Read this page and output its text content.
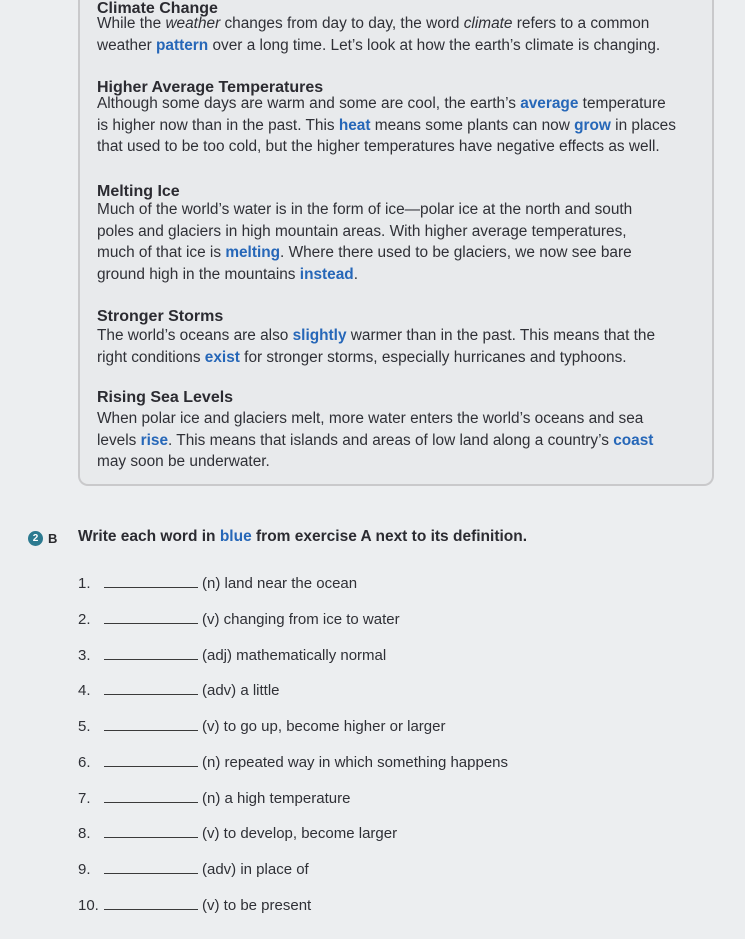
Climate Change
While the weather changes from day to day, the word climate refers to a common
weather pattern over a long time. Let’s look at how the earth’s climate is changing.
Higher Average Temperatures
Although some days are warm and some are cool, the earth’s average temperature
is higher now than in the past. This heat means some plants can now grow in places
that used to be too cold, but the higher temperatures have negative effects as well.
Melting Ice
Much of the world’s water is in the form of ice—polar ice at the north and south
poles and glaciers in high mountain areas. With higher average temperatures,
much of that ice is melting. Where there used to be glaciers, we now see bare
ground high in the mountains instead.
Stronger Storms
The world’s oceans are also slightly warmer than in the past. This means that the
right conditions exist for stronger storms, especially hurricanes and typhoons.
Rising Sea Levels
When polar ice and glaciers melt, more water enters the world’s oceans and sea
levels rise. This means that islands and areas of low land along a country’s coast
may soon be underwater.
2 B Write each word in blue from exercise A next to its definition.
1.	(n) land near the ocean
2.	(v) changing from ice to water
3.	(adj) mathematically normal
4.	(adv) a little
5.	(v) to go up, become higher or larger
6.	(n) repeated way in which something happens
7.	(n) a high temperature
8.	(v) to develop, become larger
9.	(adv) in place of
10.	(v) to be present
